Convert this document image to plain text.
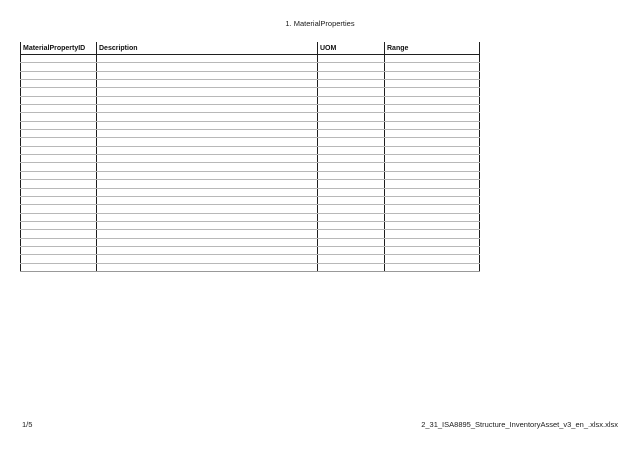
1. MaterialProperties
MaterialPropertyID	Description	UOM	Range

1/5	2_31_ISA8895_Structure_InventoryAsset_v3_en_.xlsx.xlsx
